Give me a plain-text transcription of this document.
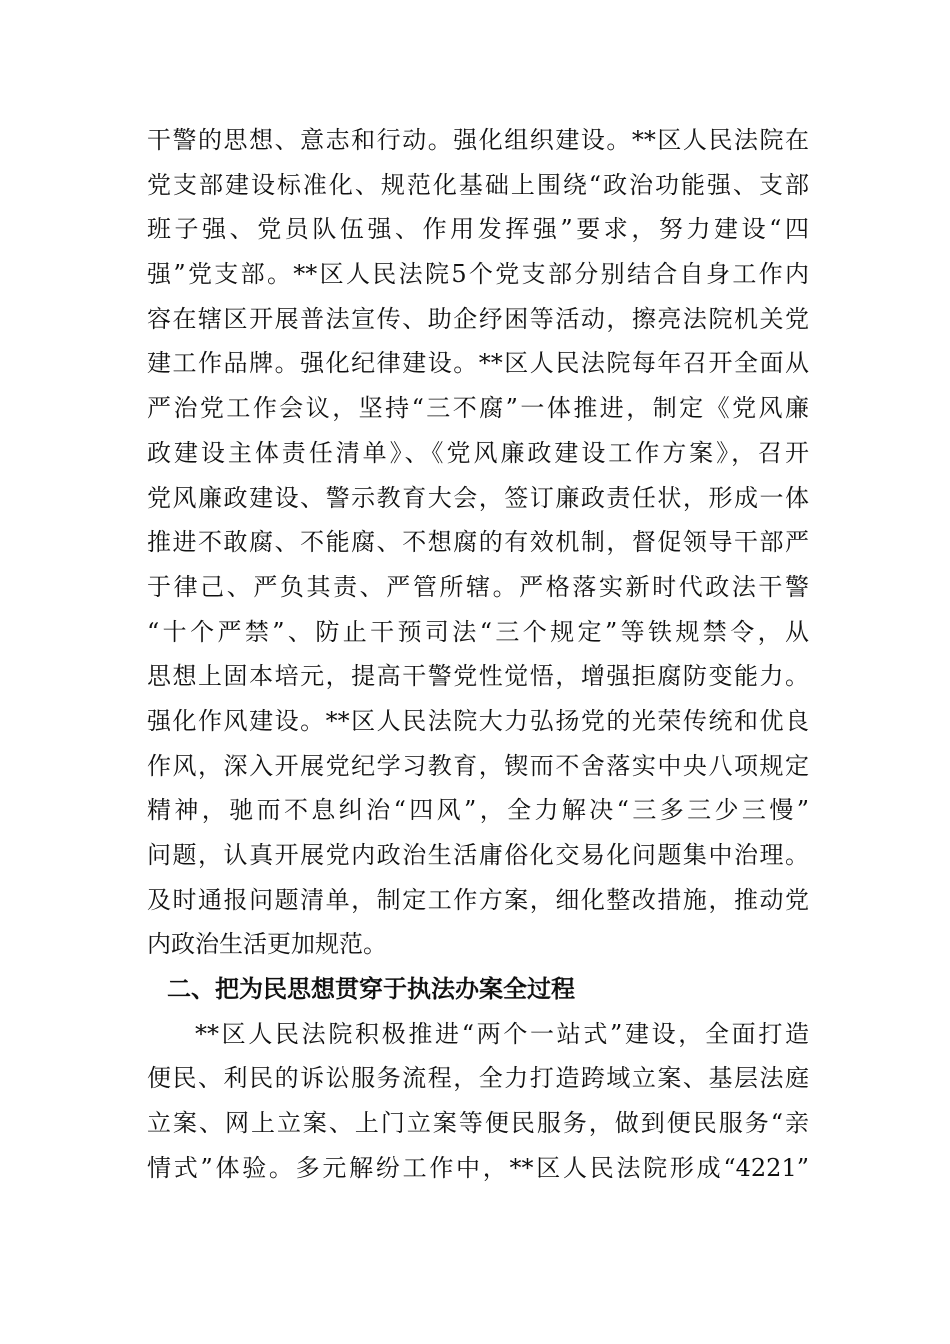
干警的思想、意志和行动。强化组织建设。**区人民法院在
党支部建设标准化、规范化基础上围绕“政治功能强、支部
班子强、党员队伍强、作用发挥强”要求，努力建设“四
强”党支部。**区人民法院5个党支部分别结合自身工作内
容在辖区开展普法宣传、助企纾困等活动，擦亮法院机关党
建工作品牌。强化纪律建设。**区人民法院每年召开全面从
严治党工作会议，坚持“三不腐”一体推进，制定《党风廉
政建设主体责任清单》、《党风廉政建设工作方案》，召开
党风廉政建设、警示教育大会，签订廉政责任状，形成一体
推进不敢腐、不能腐、不想腐的有效机制，督促领导干部严
于律己、严负其责、严管所辖。严格落实新时代政法干警
“十个严禁”、防止干预司法“三个规定”等铁规禁令，从
思想上固本培元，提高干警党性觉悟，增强拒腐防变能力。
强化作风建设。**区人民法院大力弘扬党的光荣传统和优良
作风，深入开展党纪学习教育，锲而不舍落实中央八项规定
精神，驰而不息纠治“四风”，全力解决“三多三少三慢”
问题，认真开展党内政治生活庸俗化交易化问题集中治理。
及时通报问题清单，制定工作方案，细化整改措施，推动党
内政治生活更加规范。
二、把为民思想贯穿于执法办案全过程
**区人民法院积极推进“两个一站式”建设，全面打造
便民、利民的诉讼服务流程，全力打造跨域立案、基层法庭
立案、网上立案、上门立案等便民服务，做到便民服务“亲
情式”体验。多元解纷工作中，**区人民法院形成“4221”
